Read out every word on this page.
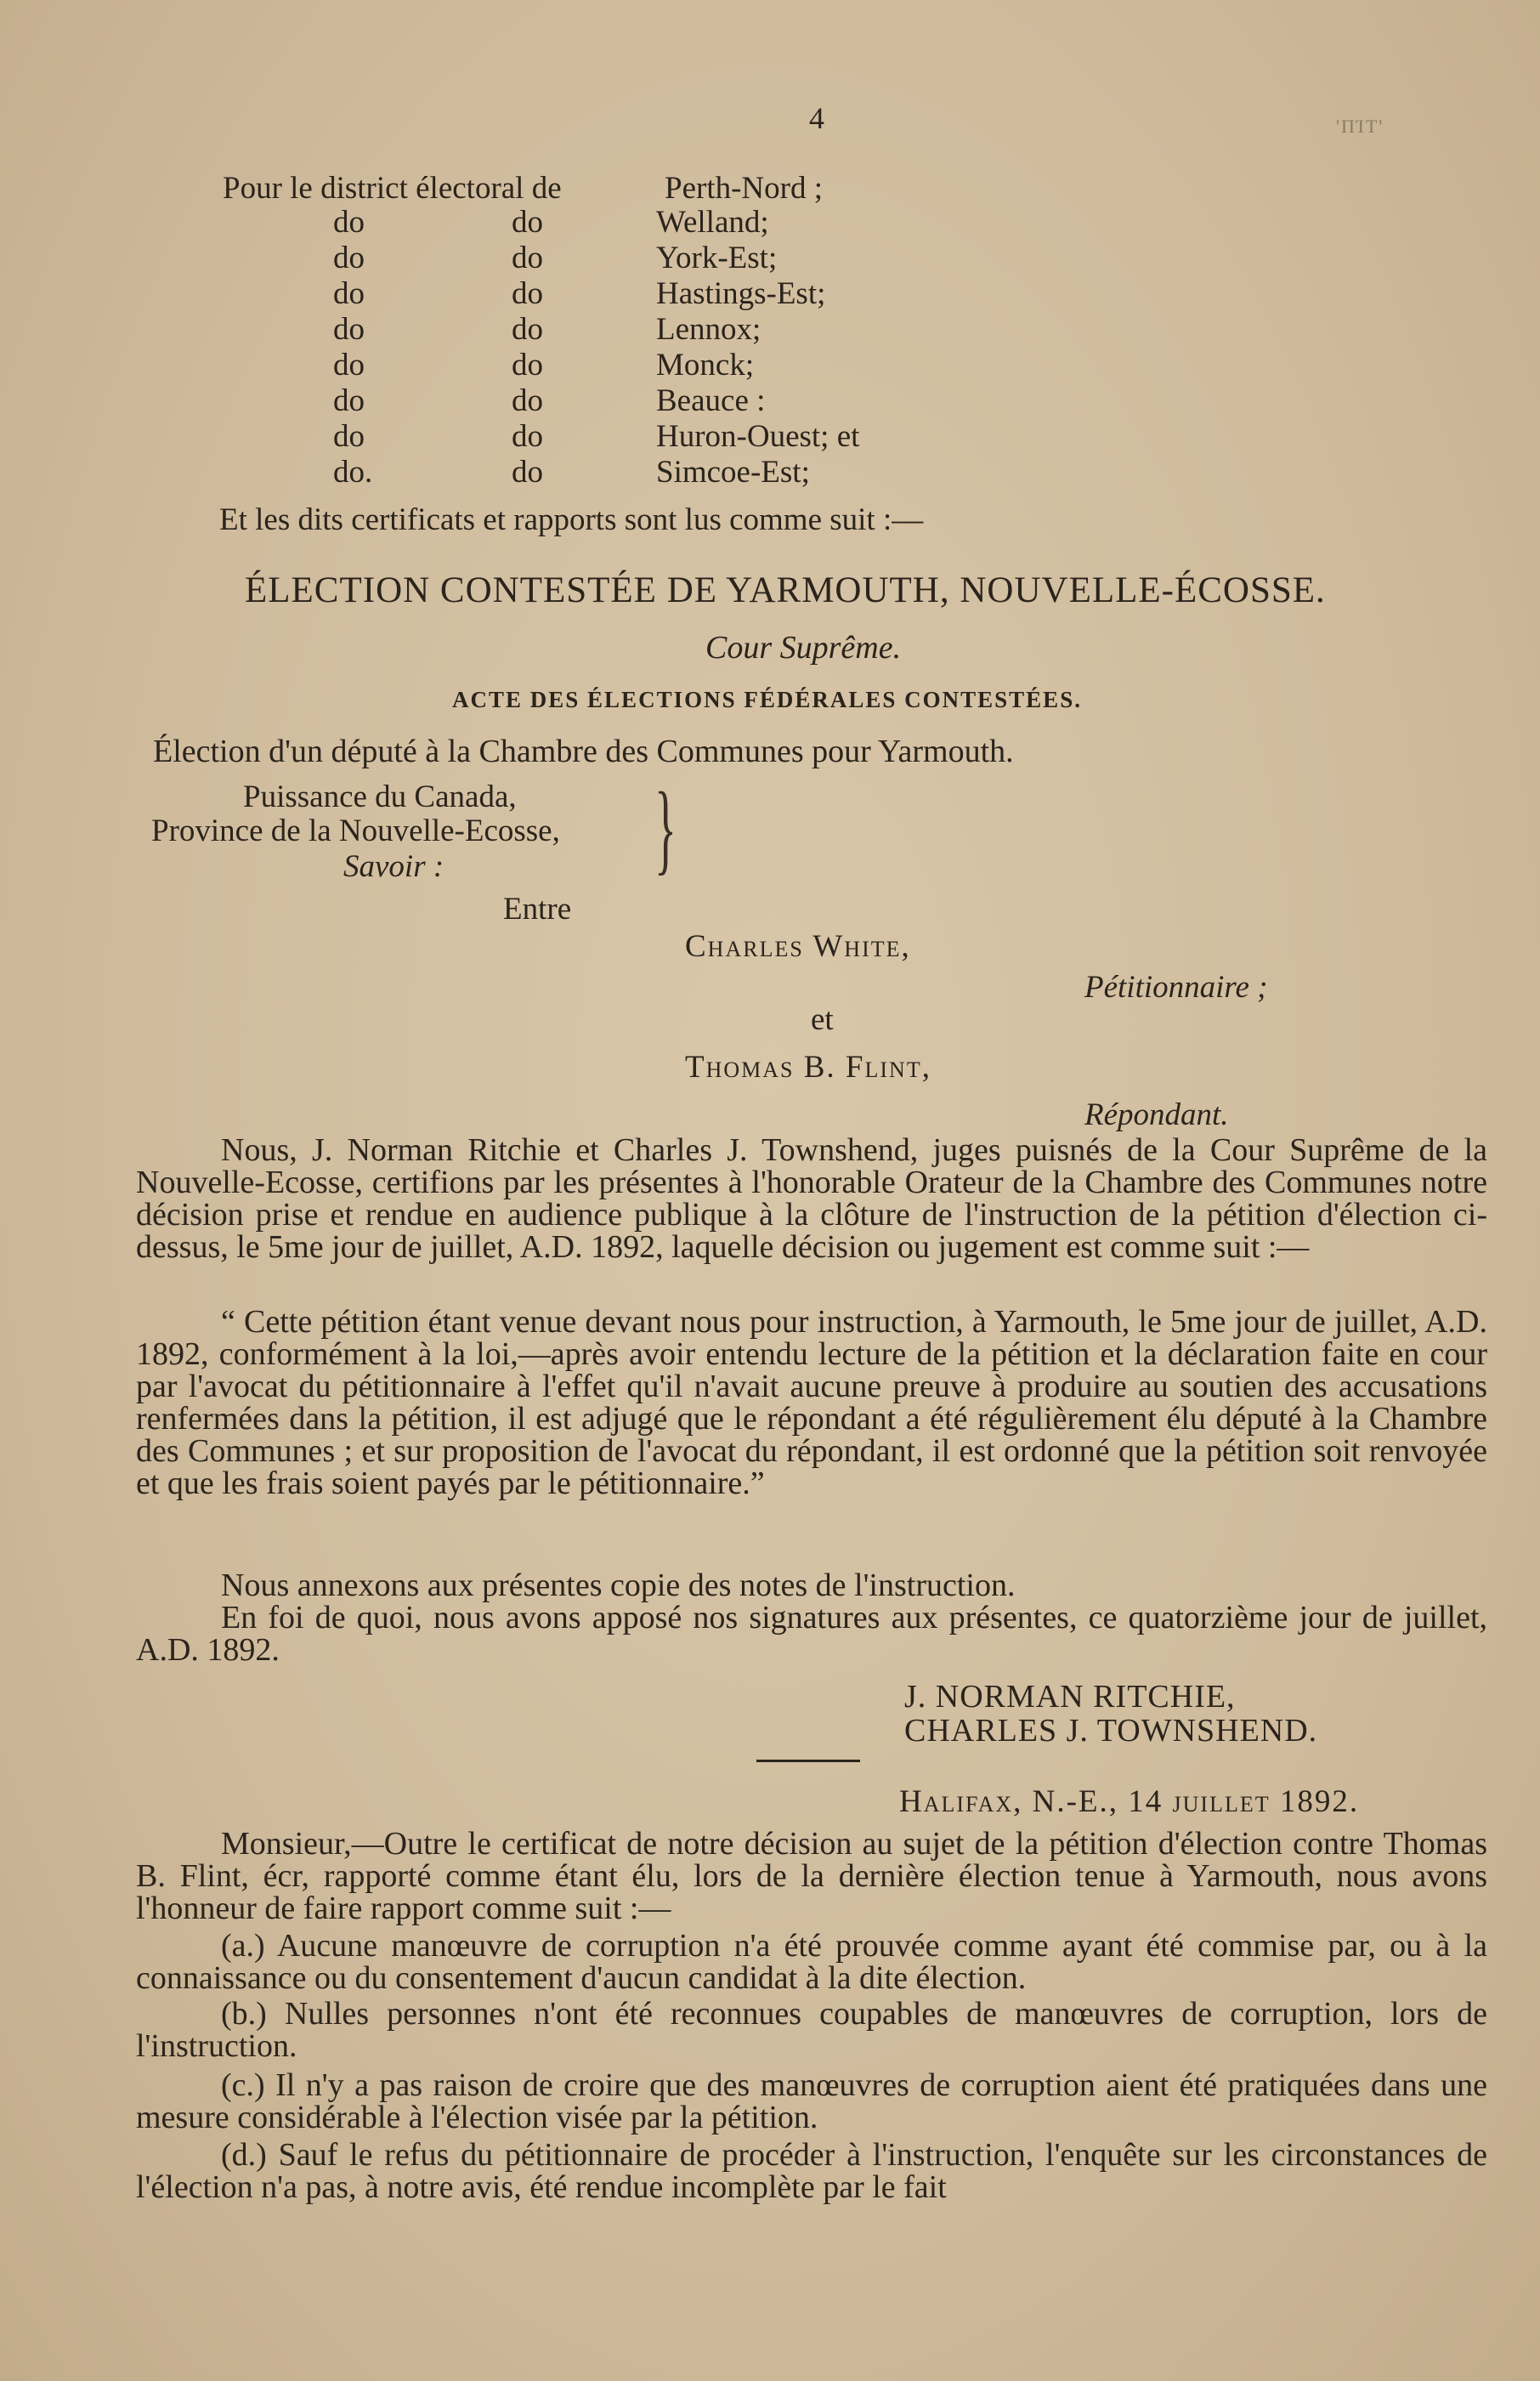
4	'ΠΊΤ'
Pour le district électoral de	Perth-Nord ;
do	do	Welland;
do	do	York-Est;
do	do	Hastings-Est;
do	do	Lennox;
do	do	Monck;
do	do	Beauce :
do	do	Huron-Ouest; et
do.	do	Simcoe-Est;
Et les dits certificats et rapports sont lus comme suit :—
ÉLECTION CONTESTÉE DE YARMOUTH, NOUVELLE-ÉCOSSE.
Cour Suprême.
ACTE DES ÉLECTIONS FÉDÉRALES CONTESTÉES.
Élection d'un député à la Chambre des Communes pour Yarmouth.
Puissance du Canada,
Province de la Nouvelle-Ecosse,
Savoir : }
Entre
Charles White,
Pétitionnaire ;
et
Thomas B. Flint,
Répondant.

Nous, J. Norman Ritchie et Charles J. Townshend, juges puisnés de la Cour Suprême de la Nouvelle-Ecosse, certifions par les présentes à l'honorable Orateur de la Chambre des Communes notre décision prise et rendue en audience publique à la clôture de l'instruction de la pétition d'élection ci-dessus, le 5me jour de juillet, A.D. 1892, laquelle décision ou jugement est comme suit :—

“ Cette pétition étant venue devant nous pour instruction, à Yarmouth, le 5me jour de juillet, A.D. 1892, conformément à la loi,—après avoir entendu lecture de la pétition et la déclaration faite en cour par l'avocat du pétitionnaire à l'effet qu'il n'avait aucune preuve à produire au soutien des accusations renfermées dans la pétition, il est adjugé que le répondant a été régulièrement élu député à la Chambre des Communes ; et sur proposition de l'avocat du répondant, il est ordonné que la pétition soit renvoyée et que les frais soient payés par le pétitionnaire.”

Nous annexons aux présentes copie des notes de l'instruction.

En foi de quoi, nous avons apposé nos signatures aux présentes, ce quatorzième jour de juillet, A.D. 1892.

J. NORMAN RITCHIE,
CHARLES J. TOWNSHEND.
Halifax, N.-E., 14 juillet 1892.

Monsieur,—Outre le certificat de notre décision au sujet de la pétition d'élection contre Thomas B. Flint, écr, rapporté comme étant élu, lors de la dernière élection tenue à Yarmouth, nous avons l'honneur de faire rapport comme suit :—

(a.) Aucune manœuvre de corruption n'a été prouvée comme ayant été commise par, ou à la connaissance ou du consentement d'aucun candidat à la dite élection.

(b.) Nulles personnes n'ont été reconnues coupables de manœuvres de corruption, lors de l'instruction.

(c.) Il n'y a pas raison de croire que des manœuvres de corruption aient été pratiquées dans une mesure considérable à l'élection visée par la pétition.

(d.) Sauf le refus du pétitionnaire de procéder à l'instruction, l'enquête sur les circonstances de l'élection n'a pas, à notre avis, été rendue incomplète par le fait
